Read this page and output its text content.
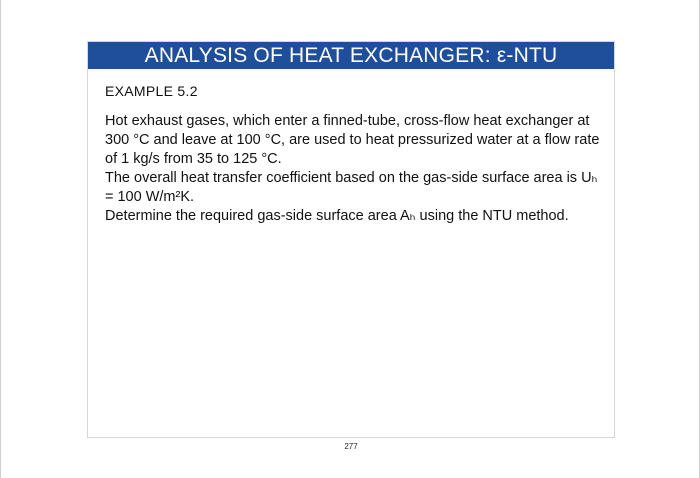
ANALYSIS OF HEAT EXCHANGER: ε-NTU
EXAMPLE 5.2

Hot exhaust gases, which enter a finned-tube, cross-flow heat exchanger at 300 °C and leave at 100 °C, are used to heat pressurized water at a flow rate of 1 kg/s from 35 to 125 °C.

The overall heat transfer coefficient based on the gas-side surface area is Uₕ = 100 W/m²K.

Determine the required gas-side surface area Aₕ using the NTU method.

277
